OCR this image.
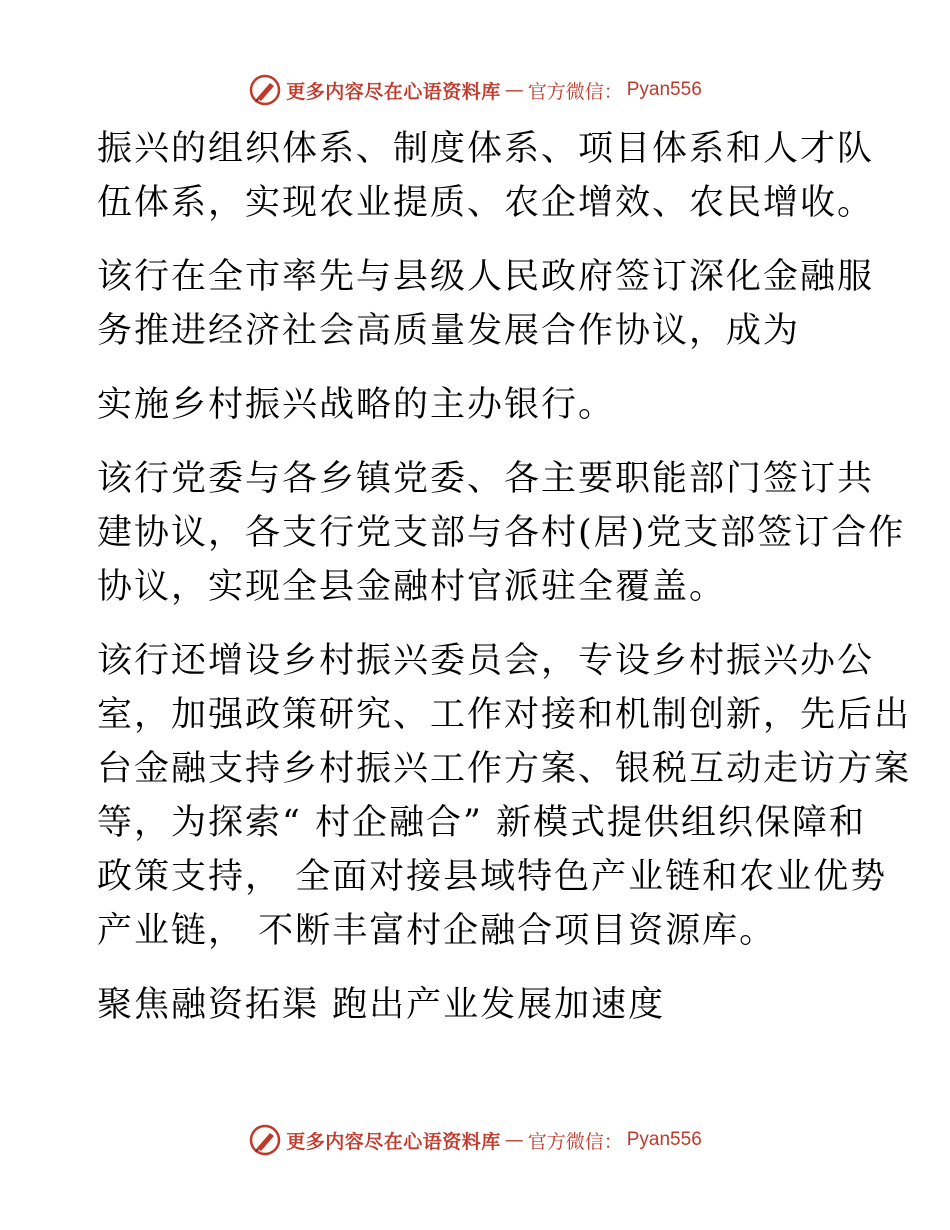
更多内容尽在心语资料库 — 官方微信： Pyan556

振兴的组织体系、制度体系、项目体系和人才队
伍体系，实现农业提质、农企增效、农民增收。

该行在全市率先与县级人民政府签订深化金融服
务推进经济社会高质量发展合作协议，成为

实施乡村振兴战略的主办银行。

该行党委与各乡镇党委、各主要职能部门签订共
建协议，各支行党支部与各村(居)党支部签订合作
协议，实现全县金融村官派驻全覆盖。

该行还增设乡村振兴委员会，专设乡村振兴办公
室，加强政策研究、工作对接和机制创新，先后出
台金融支持乡村振兴工作方案、银税互动走访方案
等，为探索“ 村企融合” 新模式提供组织保障和
政策支持， 全面对接县域特色产业链和农业优势
产业链， 不断丰富村企融合项目资源库。

聚焦融资拓渠 跑出产业发展加速度

更多内容尽在心语资料库 — 官方微信： Pyan556
